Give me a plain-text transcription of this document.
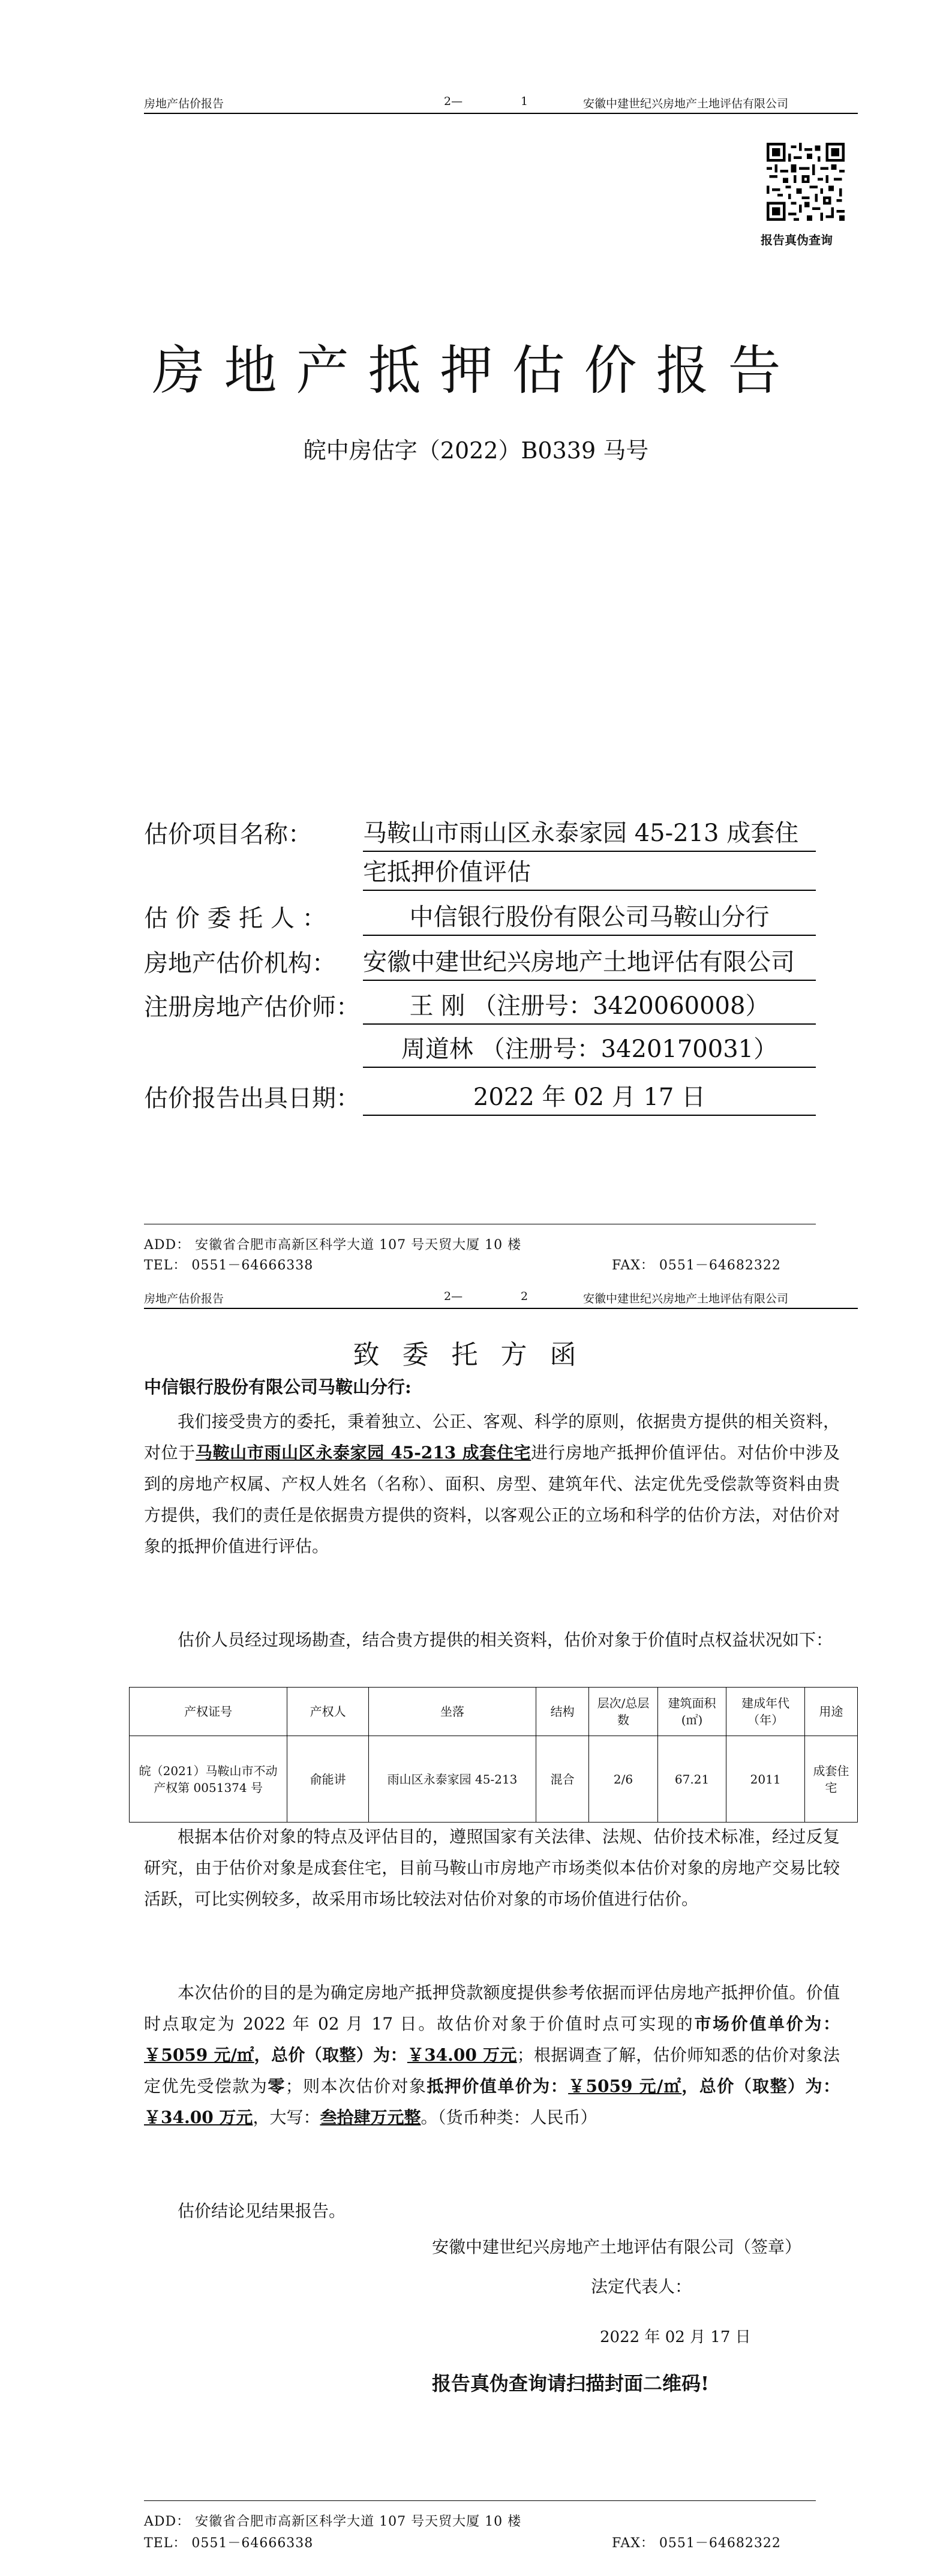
房地产估价报告	2—	1	安徽中建世纪兴房地产土地评估有限公司
报告真伪查询
房地产抵押估价报告
皖中房估字（2022）B0339 马号
估价项目名称： 马鞍山市雨山区永泰家园 45-213 成套住
宅抵押价值评估
估 价 委 托 人 ：	中信银行股份有限公司马鞍山分行
房地产估价机构： 安徽中建世纪兴房地产土地评估有限公司
注册房地产估价师：	王 刚 （注册号：3420060008）
周道林 （注册号：3420170031）
估价报告出具日期：	2022 年 02 月 17 日
ADD： 安徽省合肥市高新区科学大道 107 号天贸大厦 10 楼
TEL： 0551－64666338	FAX： 0551－64682322
房地产估价报告	2—	2	安徽中建世纪兴房地产土地评估有限公司
致委托方函
中信银行股份有限公司马鞍山分行:
我们接受贵方的委托，秉着独立、公正、客观、科学的原则，依据贵方提供的相关资料，对位于马鞍山市雨山区永泰家园 45-213 成套住宅进行房地产抵押价值评估。对估价中涉及到的房地产权属、产权人姓名（名称）、面积、房型、建筑年代、法定优先受偿款等资料由贵方提供，我们的责任是依据贵方提供的资料，以客观公正的立场和科学的估价方法，对估价对象的抵押价值进行评估。
估价人员经过现场勘查，结合贵方提供的相关资料，估价对象于价值时点权益状况如下：
产权证号	产权人	坐落	结构	层次/总层数	建筑面积(㎡)	建成年代（年）	用途
皖（2021）马鞍山市不动产权第 0051374 号	俞能讲	雨山区永泰家园 45-213	混合	2/6	67.21	2011	成套住宅
根据本估价对象的特点及评估目的，遵照国家有关法律、法规、估价技术标准，经过反复研究，由于估价对象是成套住宅，目前马鞍山市房地产市场类似本估价对象的房地产交易比较活跃，可比实例较多，故采用市场比较法对估价对象的市场价值进行估价。
本次估价的目的是为确定房地产抵押贷款额度提供参考依据而评估房地产抵押价值。价值时点取定为 2022 年 02 月 17 日。故估价对象于价值时点可实现的市场价值单价为：￥5059 元/㎡，总价（取整）为：￥34.00 万元；根据调查了解，估价师知悉的估价对象法定优先受偿款为零；则本次估价对象抵押价值单价为：￥5059 元/㎡，总价（取整）为：￥34.00 万元，大写：叁拾肆万元整。（货币种类：人民币）
估价结论见结果报告。
安徽中建世纪兴房地产土地评估有限公司（签章）
法定代表人：
2022 年 02 月 17 日
报告真伪查询请扫描封面二维码!
ADD： 安徽省合肥市高新区科学大道 107 号天贸大厦 10 楼
TEL： 0551－64666338	FAX： 0551－64682322
